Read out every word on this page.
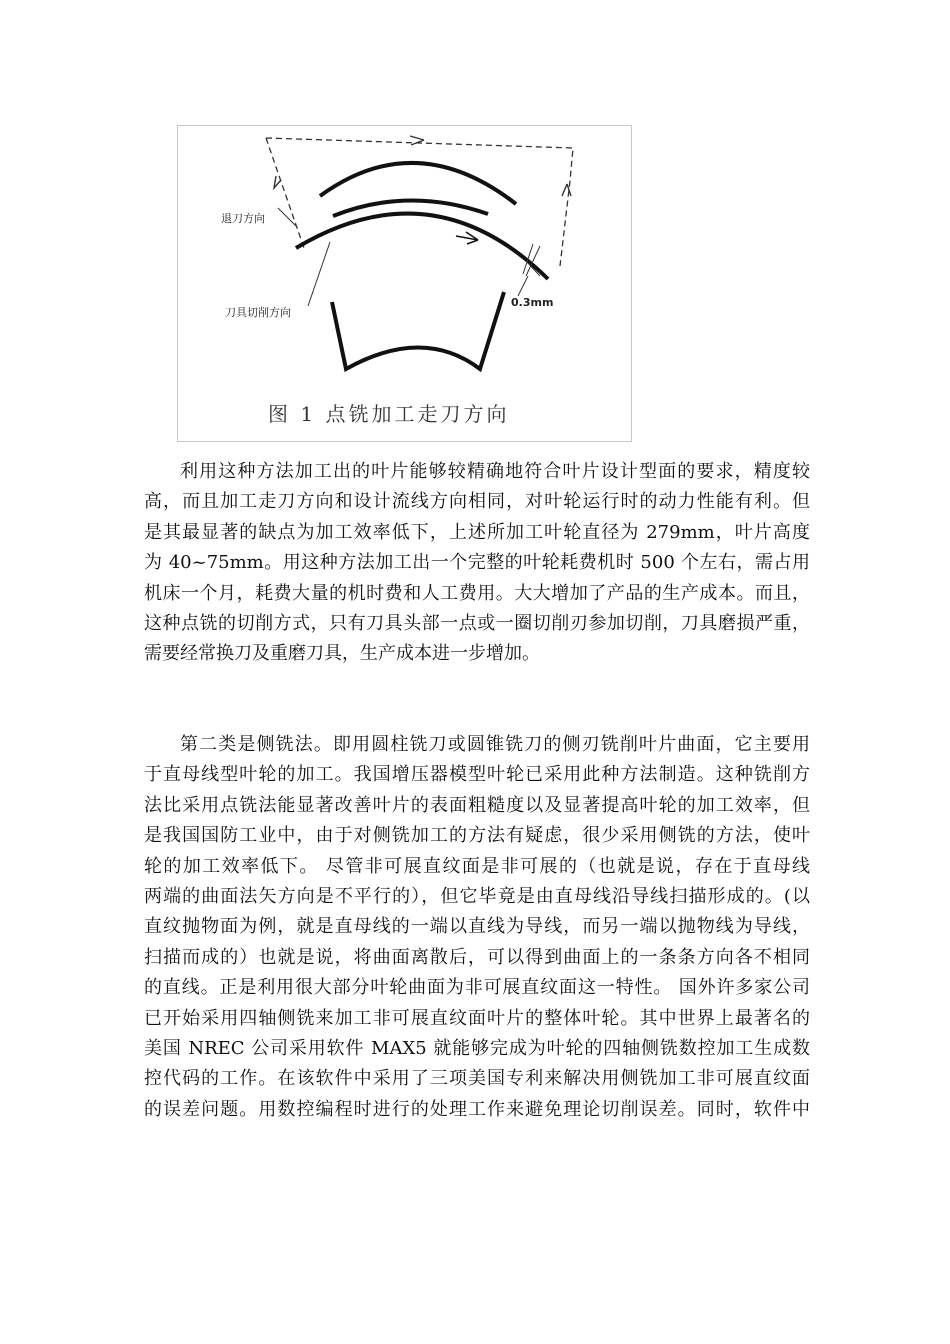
退刀方向
刀具切削方向
0.3mm
图 1 点铣加工走刀方向
利用这种方法加工出的叶片能够较精确地符合叶片设计型面的要求，精度较
高，而且加工走刀方向和设计流线方向相同，对叶轮运行时的动力性能有利。但
是其最显著的缺点为加工效率低下，上述所加工叶轮直径为 279mm，叶片高度
为 40~75mm。用这种方法加工出一个完整的叶轮耗费机时 500 个左右，需占用
机床一个月，耗费大量的机时费和人工费用。大大增加了产品的生产成本。而且，
这种点铣的切削方式，只有刀具头部一点或一圈切削刃参加切削，刀具磨损严重，
需要经常换刀及重磨刀具，生产成本进一步增加。
第二类是侧铣法。即用圆柱铣刀或圆锥铣刀的侧刃铣削叶片曲面，它主要用
于直母线型叶轮的加工。我国增压器模型叶轮已采用此种方法制造。这种铣削方
法比采用点铣法能显著改善叶片的表面粗糙度以及显著提高叶轮的加工效率，但
是我国国防工业中，由于对侧铣加工的方法有疑虑，很少采用侧铣的方法，使叶
轮的加工效率低下。 尽管非可展直纹面是非可展的（也就是说，存在于直母线
两端的曲面法矢方向是不平行的），但它毕竟是由直母线沿导线扫描形成的。(以
直纹抛物面为例，就是直母线的一端以直线为导线，而另一端以抛物线为导线，
扫描而成的）也就是说，将曲面离散后，可以得到曲面上的一条条方向各不相同
的直线。正是利用很大部分叶轮曲面为非可展直纹面这一特性。 国外许多家公司
已开始采用四轴侧铣来加工非可展直纹面叶片的整体叶轮。其中世界上最著名的
美国 NREC 公司采用软件 MAX5 就能够完成为叶轮的四轴侧铣数控加工生成数
控代码的工作。在该软件中采用了三项美国专利来解决用侧铣加工非可展直纹面
的误差问题。用数控编程时进行的处理工作来避免理论切削误差。同时，软件中
